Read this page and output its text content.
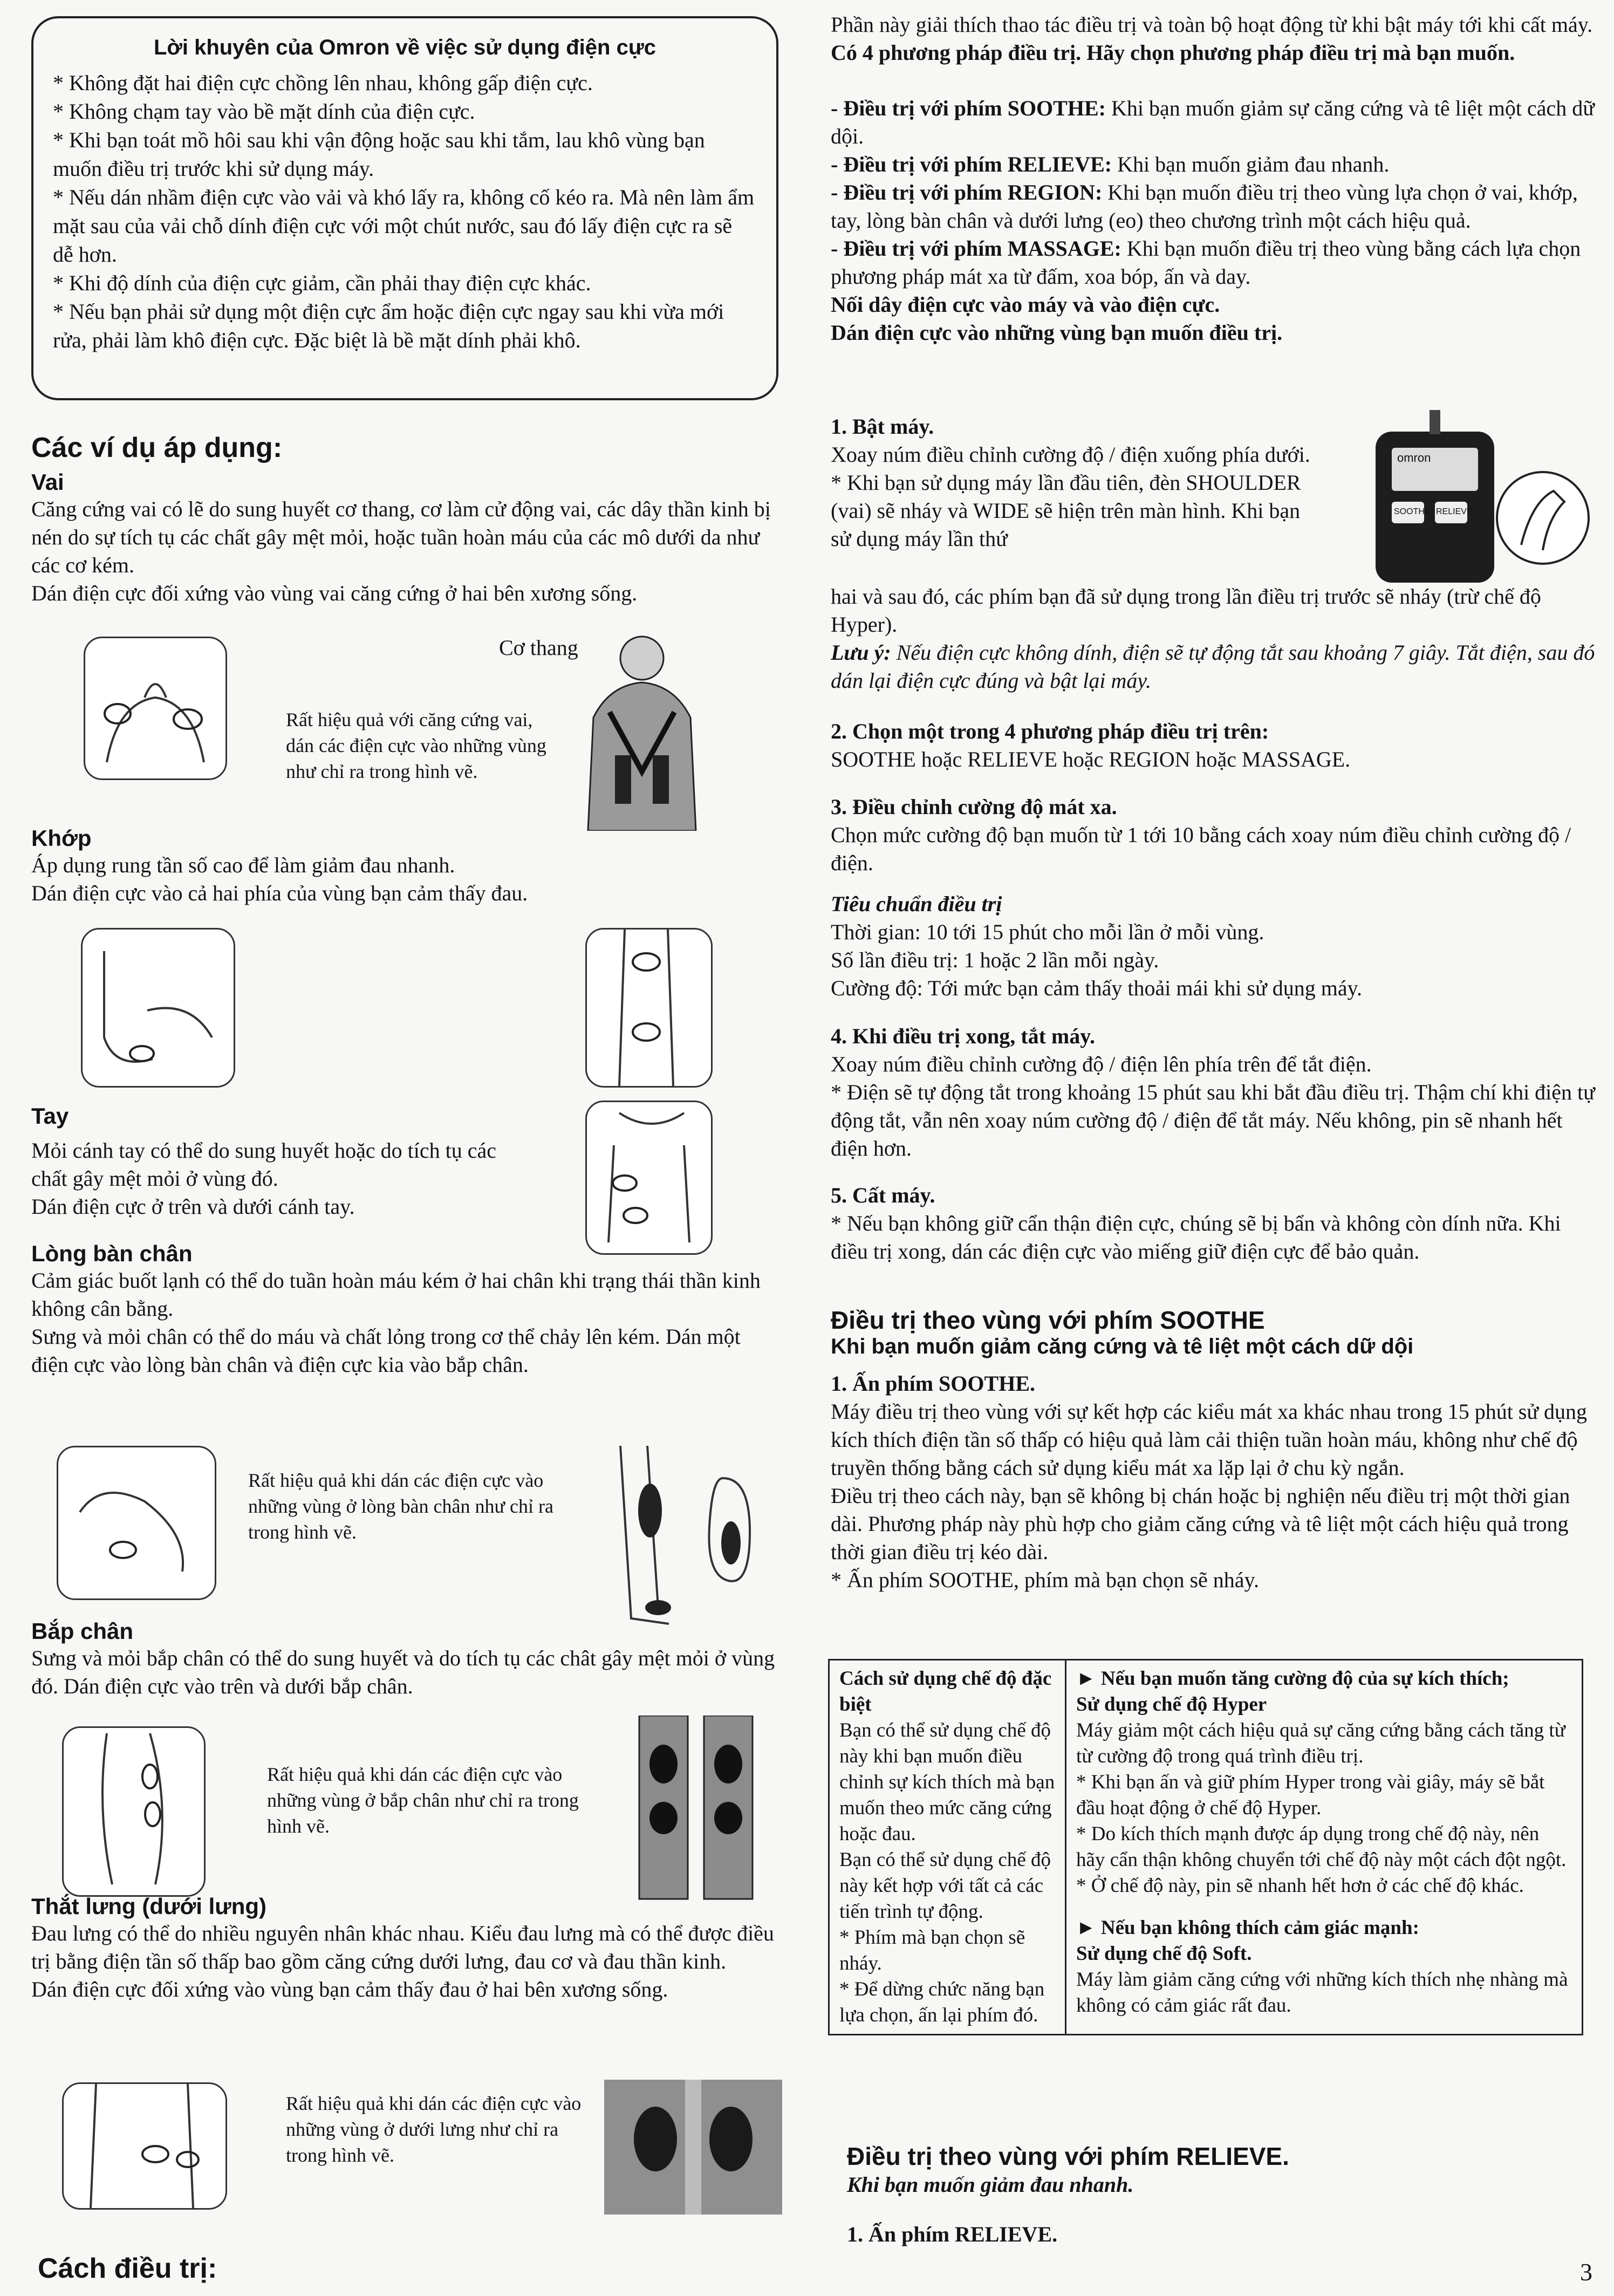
Lời khuyên của Omron về việc sử dụng điện cực

* Không đặt hai điện cực chồng lên nhau, không gấp điện cực.

* Không chạm tay vào bề mặt dính của điện cực.

* Khi bạn toát mồ hôi sau khi vận động hoặc sau khi tắm, lau khô vùng bạn muốn điều trị trước khi sử dụng máy.

* Nếu dán nhầm điện cực vào vải và khó lấy ra, không cố kéo ra. Mà nên làm ẩm mặt sau của vải chỗ dính điện cực với một chút nước, sau đó lấy điện cực ra sẽ dễ hơn.

* Khi độ dính của điện cực giảm, cần phải thay điện cực khác.

* Nếu bạn phải sử dụng một điện cực ẩm hoặc điện cực ngay sau khi vừa mới rửa, phải làm khô điện cực. Đặc biệt là bề mặt dính phải khô.

Các ví dụ áp dụng:
Vai

Căng cứng vai có lẽ do sung huyết cơ thang, cơ làm cử động vai, các dây thần kinh bị nén do sự tích tụ các chất gây mệt mỏi, hoặc tuần hoàn máu của các mô dưới da như các cơ kém.

Dán điện cực đối xứng vào vùng vai căng cứng ở hai bên xương sống.

Rất hiệu quả với căng cứng vai, dán các điện cực vào những vùng như chỉ ra trong hình vẽ.
Cơ thang
Khớp

Áp dụng rung tần số cao để làm giảm đau nhanh.

Dán điện cực vào cả hai phía của vùng bạn cảm thấy đau.

Tay

Mỏi cánh tay có thể do sung huyết hoặc do tích tụ các chất gây mệt mỏi ở vùng đó.

Dán điện cực ở trên và dưới cánh tay.

Lòng bàn chân

Cảm giác buốt lạnh có thể do tuần hoàn máu kém ở hai chân khi trạng thái thần kinh không cân bằng.

Sưng và mỏi chân có thể do máu và chất lỏng trong cơ thể chảy lên kém. Dán một điện cực vào lòng bàn chân và điện cực kia vào bắp chân.

Rất hiệu quả khi dán các điện cực vào những vùng ở lòng bàn chân như chỉ ra trong hình vẽ.
Bắp chân

Sưng và mỏi bắp chân có thể do sung huyết và do tích tụ các chât gây mệt mỏi ở vùng đó. Dán điện cực vào trên và dưới bắp chân.

Rất hiệu quả khi dán các điện cực vào những vùng ở bắp chân như chỉ ra trong hình vẽ.
Thắt lưng (dưới lưng)

Đau lưng có thể do nhiều nguyên nhân khác nhau. Kiểu đau lưng mà có thể được điều trị bằng điện tần số thấp bao gồm căng cứng dưới lưng, đau cơ và đau thần kinh.

Dán điện cực đối xứng vào vùng bạn cảm thấy đau ở hai bên xương sống.

Rất hiệu quả khi dán các điện cực vào những vùng ở dưới lưng như chỉ ra trong hình vẽ.
Cách điều trị:
Phần này giải thích thao tác điều trị và toàn bộ hoạt động từ khi bật máy tới khi cất máy. Có 4 phương pháp điều trị. Hãy chọn phương pháp điều trị mà bạn muốn.

- Điều trị với phím SOOTHE: Khi bạn muốn giảm sự căng cứng và tê liệt một cách dữ dội.

- Điều trị với phím RELIEVE: Khi bạn muốn giảm đau nhanh.

- Điều trị với phím REGION: Khi bạn muốn điều trị theo vùng lựa chọn ở vai, khớp, tay, lòng bàn chân và dưới lưng (eo) theo chương trình một cách hiệu quả.

- Điều trị với phím MASSAGE: Khi bạn muốn điều trị theo vùng bằng cách lựa chọn phương pháp mát xa từ đấm, xoa bóp, ấn và day.

Nối dây điện cực vào máy và vào điện cực.

Dán điện cực vào những vùng bạn muốn điều trị.

1. Bật máy.

Xoay núm điều chỉnh cường độ / điện xuống phía dưới.

* Khi bạn sử dụng máy lần đầu tiên, đèn SHOULDER (vai) sẽ nháy và WIDE sẽ hiện trên màn hình. Khi bạn sử dụng máy lần thứ

omron
SOOTHE RELIEVE

hai và sau đó, các phím bạn đã sử dụng trong lần điều trị trước sẽ nháy (trừ chế độ Hyper).

Lưu ý: Nếu điện cực không dính, điện sẽ tự động tắt sau khoảng 7 giây. Tắt điện, sau đó dán lại điện cực đúng và bật lại máy.

2. Chọn một trong 4 phương pháp điều trị trên:

SOOTHE hoặc RELIEVE hoặc REGION hoặc MASSAGE.

3. Điều chỉnh cường độ mát xa.

Chọn mức cường độ bạn muốn từ 1 tới 10 bằng cách xoay núm điều chỉnh cường độ / điện.

Tiêu chuẩn điều trị

Thời gian: 10 tới 15 phút cho mỗi lần ở mỗi vùng.

Số lần điều trị: 1 hoặc 2 lần mỗi ngày.

Cường độ: Tới mức bạn cảm thấy thoải mái khi sử dụng máy.

4. Khi điều trị xong, tắt máy.

Xoay núm điều chỉnh cường độ / điện lên phía trên để tắt điện.

* Điện sẽ tự động tắt trong khoảng 15 phút sau khi bắt đầu điều trị. Thậm chí khi điện tự động tắt, vẫn nên xoay núm cường độ / điện để tắt máy. Nếu không, pin sẽ nhanh hết điện hơn.

5. Cất máy.

* Nếu bạn không giữ cẩn thận điện cực, chúng sẽ bị bẩn và không còn dính nữa. Khi điều trị xong, dán các điện cực vào miếng giữ điện cực để bảo quản.

Điều trị theo vùng với phím SOOTHE

Khi bạn muốn giảm căng cứng và tê liệt một cách dữ dội

1. Ấn phím SOOTHE.

Máy điều trị theo vùng với sự kết hợp các kiểu mát xa khác nhau trong 15 phút sử dụng kích thích điện tần số thấp có hiệu quả làm cải thiện tuần hoàn máu, không như chế độ truyền thống bằng cách sử dụng kiểu mát xa lặp lại ở chu kỳ ngắn.

Điều trị theo cách này, bạn sẽ không bị chán hoặc bị nghiện nếu điều trị một thời gian dài. Phương pháp này phù hợp cho giảm căng cứng và tê liệt một cách hiệu quả trong thời gian điều trị kéo dài.

* Ấn phím SOOTHE, phím mà bạn chọn sẽ nháy.

Cách sử dụng chế độ đặc biệt

Bạn có thể sử dụng chế độ này khi bạn muốn điều chỉnh sự kích thích mà bạn muốn theo mức căng cứng hoặc đau.

Bạn có thể sử dụng chế độ này kết hợp với tất cả các tiến trình tự động.

* Phím mà bạn chọn sẽ nháy.

* Để dừng chức năng bạn lựa chọn, ấn lại phím đó.

► Nếu bạn muốn tăng cường độ của sự kích thích;

Sử dụng chế độ Hyper

Máy giảm một cách hiệu quả sự căng cứng bằng cách tăng từ từ cường độ trong quá trình điều trị.

* Khi bạn ấn và giữ phím Hyper trong vài giây, máy sẽ bắt đầu hoạt động ở chế độ Hyper.

* Do kích thích mạnh được áp dụng trong chế độ này, nên hãy cẩn thận không chuyển tới chế độ này một cách đột ngột.

* Ở chế độ này, pin sẽ nhanh hết hơn ở các chế độ khác.

► Nếu bạn không thích cảm giác mạnh:

Sử dụng chế độ Soft.

Máy làm giảm căng cứng với những kích thích nhẹ nhàng mà không có cảm giác rất đau.

Điều trị theo vùng với phím RELIEVE.

Khi bạn muốn giảm đau nhanh.

1. Ấn phím RELIEVE.

3
